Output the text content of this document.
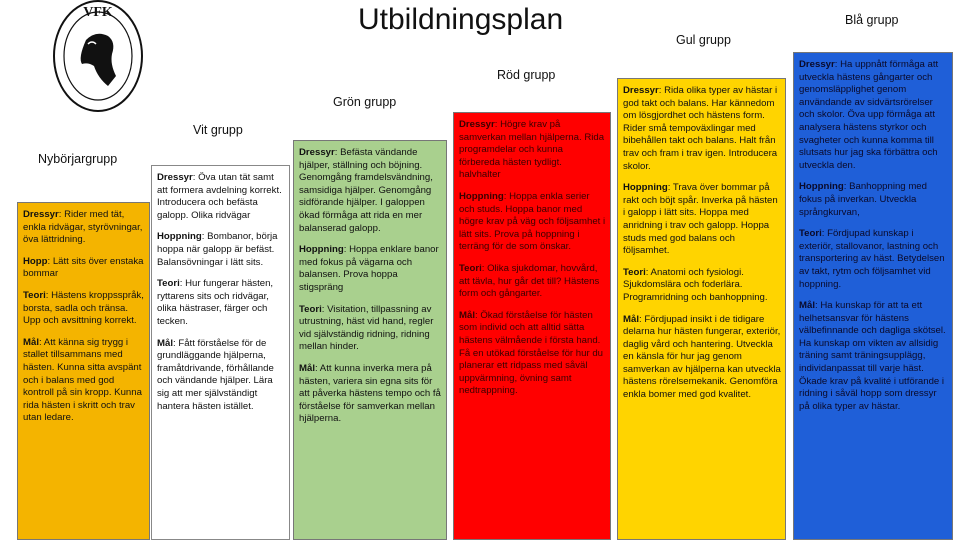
VFK	Utbildningsplan
Nybörjargrupp
Vit grupp
Grön grupp
Röd grupp
Gul grupp
Blå grupp

Dressyr: Rider med tät, enkla ridvägar, styrövningar, öva lättridning.

Hopp: Lätt sits över enstaka bommar

Teori: Hästens kroppsspråk, borsta, sadla och tränsa. Upp och avsittning korrekt.

Mål: Att känna sig trygg i stallet tillsammans med hästen. Kunna sitta avspänt och i balans med god kontroll på sin kropp. Kunna rida hästen i skritt och trav utan ledare.

Dressyr: Öva utan tät samt att formera avdelning korrekt. Introducera och befästa galopp. Olika ridvägar

Hoppning: Bombanor, börja hoppa när galopp är befäst. Balansövningar i lätt sits.

Teori: Hur fungerar hästen, ryttarens sits och ridvägar, olika hästraser, färger och tecken.

Mål: Fått förståelse för de grundläggande hjälperna, framåtdrivande, förhållande och vändande hjälper. Lära sig att mer självständigt hantera hästen istället.

Dressyr: Befästa vändande hjälper, ställning och böjning. Genomgång framdelsvändning, samsidiga hjälper. Genomgång sidförande hjälper. I galoppen ökad förmåga att rida en mer balanserad galopp.

Hoppning: Hoppa enklare banor med fokus på vägarna och balansen. Prova hoppa stigspräng

Teori: Visitation, tillpassning av utrustning, häst vid hand, regler vid självständig ridning, ridning mellan hinder.

Mål: Att kunna inverka mera på hästen, variera sin egna sits för att påverka hästens tempo och få förståelse för samverkan mellan hjälperna.

Dressyr: Högre krav på samverkan mellan hjälperna. Rida programdelar och kunna förbereda hästen tydligt. halvhalter

Hoppning: Hoppa enkla serier och studs. Hoppa banor med högre krav på väg och följsamhet i lätt sits. Prova på hoppning i terräng för de som önskar.

Teori: Olika sjukdomar, hovvård, att tävla, hur går det till? Hästens form och gångarter.

Mål: Ökad förståelse för hästen som individ och att alltid sätta hästens välmående i första hand. Få en utökad förståelse för hur du planerar ett ridpass med såväl uppvärmning, övning samt nedtrappning.

Dressyr: Rida olika typer av hästar i god takt och balans. Har kännedom om lösgjordhet och hästens form. Rider små tempoväxlingar med bibehållen takt och balans. Halt från trav och fram i trav igen. Introducera skolor.

Hoppning: Trava över bommar på rakt och böjt spår. Inverka på hästen i galopp i lätt sits. Hoppa med anridning i trav och galopp. Hoppa studs med god balans och följsamhet.

Teori: Anatomi och fysiologi. Sjukdomslära och foderlära. Programridning och banhoppning.

Mål: Fördjupad insikt i de tidigare delarna hur hästen fungerar, exteriör, daglig vård och hantering. Utveckla en känsla för hur jag genom samverkan av hjälperna kan utveckla hästens rörelsemekanik. Genomföra enkla bomer med god kvalitet.

Dressyr: Ha uppnått förmåga att utveckla hästens gångarter och genomsläpplighet genom användande av sidvärtsrörelser och skolor. Öva upp förmåga att analysera hästens styrkor och svagheter och kunna komma till slutsats hur jag ska förbättra och utveckla den.

Hoppning: Banhoppning med fokus på inverkan. Utveckla språngkurvan,

Teori: Fördjupad kunskap i exteriör, stallovanor, lastning och transportering av häst. Betydelsen av takt, rytm och följsamhet vid hoppning.

Mål: Ha kunskap för att ta ett helhetsansvar för hästens välbefinnande och dagliga skötsel. Ha kunskap om vikten av allsidig träning samt träningsupplägg, individanpassat till varje häst. Ökade krav på kvalité i utförande i ridning i såväl hopp som dressyr på olika typer av hästar.
